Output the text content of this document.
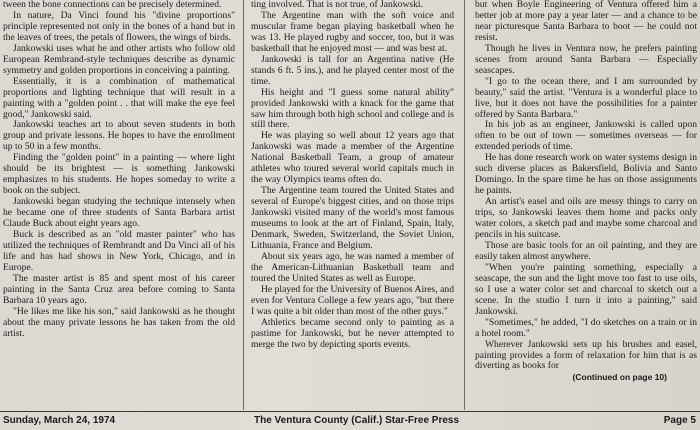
tween the bone connections can be precisely determined.

In nature, Da Vinci found his "divine proportions" principle represented not only in the bones of a hand but in the leaves of trees, the petals of flowers, the wings of birds.

Jankowski uses what he and other artists who follow old European Rembrand-style techniques describe as dynamic symmetry and golden proportions in conceiving a painting.

Essentially, it is a combination of mathematical proportions and lighting technique that will result in a painting with a "golden point . . that will make the eye feel good," Jankowski said.

Jankowski teaches art to about seven students in both group and private lessons. He hopes to have the enrollment up to 50 in a few months.

Finding the "golden point" in a painting — where light should be its brightest — is something Jankowski emphasizes to his students. He hopes someday to write a book on the subject.

Jankowski began studying the technique intensely when he became one of three students of Santa Barbara artist Claude Buck about eight years ago.

Buck is described as an "old master painter" who has utilized the techniques of Rembrandt and Da Vinci all of his life and has had shows in New York, Chicago, and in Europe.

The master artist is 85 and spent most of his career painting in the Santa Cruz area before coming to Santa Barbara 10 years ago.

"He likes me like his son," said Jankowski as he thought about the many private lessons he has taken from the old artist.

ting involved. That is not true, of Jankowski.

The Argentine man with the soft voice and muscular frame began playing basketball when he was 13. He played rugby and soccer, too, but it was basketball that he enjoyed most — and was best at.

Jankowski is tall for an Argentina native (He stands 6 ft. 5 ins.), and he played center most of the time.

His height and "I guess some natural ability" provided Jankowski with a knack for the game that saw him through both high school and college and is still there.

He was playing so well about 12 years ago that Jankowski was made a member of the Argentine National Basketball Team, a group of amateur athletes who toured several world capitals much in the way Olympics teams often do.

The Argentine team toured the United States and several of Europe's biggest cities, and on those trips Jankowski visited many of the world's most famous museums to look at the art of Finland, Spain, Italy, Denmark, Sweden, Switzerland, the Soviet Union, Lithuania, France and Belgium.

About six years ago, he was named a member of the American-Lithuanian Basketball team and toured the United States as well as Europe.

He played for the University of Buenos Aires, and even for Ventura College a few years ago, "but there I was quite a bit older than most of the other guys."

Athletics became second only to painting as a pastime for Jankowski, but he never attempted to merge the two by depicting sports events.

but when Boyle Engineering of Ventura offered him a better job at more pay a year later — and a chance to be near picturesque Santa Barbara to boot — he could not resist.

Though he lives in Ventura now, he prefers painting scenes from around Santa Barbara — Especially seascapes.

"I go to the ocean there, and I am surrounded by beauty," said the artist. "Ventura is a wonderful place to live, but it does not have the possibilities for a painter offered by Santa Barbara."

In his job as an engineer, Jankowski is called upon often to be out of town — sometimes overseas — for extended periods of time.

He has done research work on water systems design in such diverse places as Bakersfield, Bolivia and Santo Domingo. In the spare time he has on those assignments he paints.

An artist's easel and oils are messy things to carry on trips, so Jankowski leaves them home and packs only water colors, a sketch pad and maybe some charcoal and pencils in his suitcase.

Those are basic tools for an oil painting, and they are easily taken almost anywhere.

"When you're painting something, especially a seascape, the sun and the light move too fast to use oils, so I use a water color set and charcoal to sketch out a scene. In the studio I turn it into a painting," said Jankowski.

"Sometimes," he added, "I do sketches on a train or in a hotel room."

Wherever Jankowski sets up his brushes and easel, painting provides a form of relaxation for him that is as diverting as books for

(Continued on page 10)

Sunday, March 24, 1974	The Ventura County (Calif.) Star-Free Press	Page 5
